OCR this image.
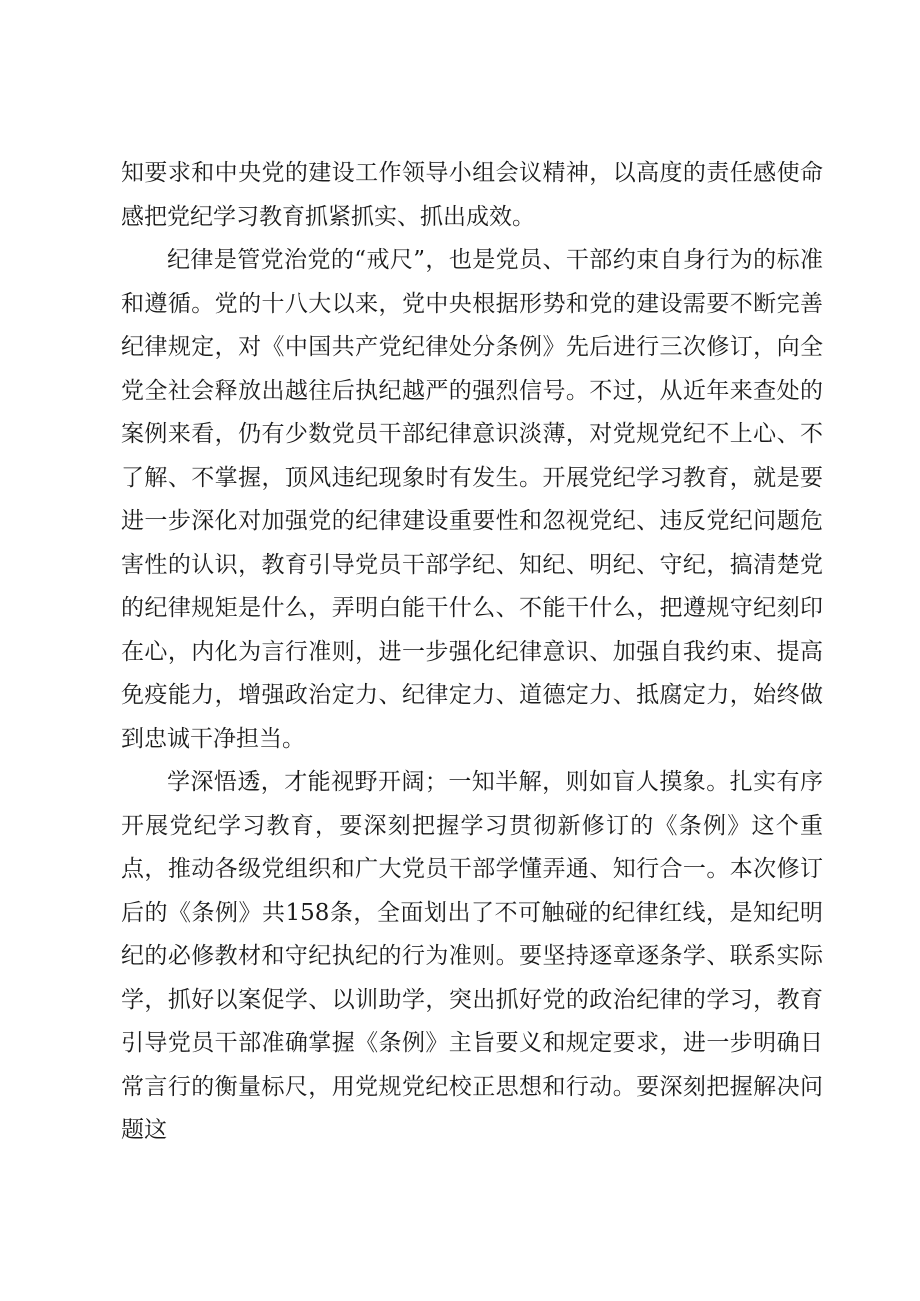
知要求和中央党的建设工作领导小组会议精神，以高度的责任感使命感把党纪学习教育抓紧抓实、抓出成效。

纪律是管党治党的“戒尺”，也是党员、干部约束自身行为的标准和遵循。党的十八大以来，党中央根据形势和党的建设需要不断完善纪律规定，对《中国共产党纪律处分条例》先后进行三次修订，向全党全社会释放出越往后执纪越严的强烈信号。不过，从近年来查处的案例来看，仍有少数党员干部纪律意识淡薄，对党规党纪不上心、不了解、不掌握，顶风违纪现象时有发生。开展党纪学习教育，就是要进一步深化对加强党的纪律建设重要性和忽视党纪、违反党纪问题危害性的认识，教育引导党员干部学纪、知纪、明纪、守纪，搞清楚党的纪律规矩是什么，弄明白能干什么、不能干什么，把遵规守纪刻印在心，内化为言行准则，进一步强化纪律意识、加强自我约束、提高免疫能力，增强政治定力、纪律定力、道德定力、抵腐定力，始终做到忠诚干净担当。

学深悟透，才能视野开阔；一知半解，则如盲人摸象。扎实有序开展党纪学习教育，要深刻把握学习贯彻新修订的《条例》这个重点，推动各级党组织和广大党员干部学懂弄通、知行合一。本次修订后的《条例》共158条，全面划出了不可触碰的纪律红线，是知纪明纪的必修教材和守纪执纪的行为准则。要坚持逐章逐条学、联系实际学，抓好以案促学、以训助学，突出抓好党的政治纪律的学习，教育引导党员干部准确掌握《条例》主旨要义和规定要求，进一步明确日常言行的衡量标尺，用党规党纪校正思想和行动。要深刻把握解决问题这
